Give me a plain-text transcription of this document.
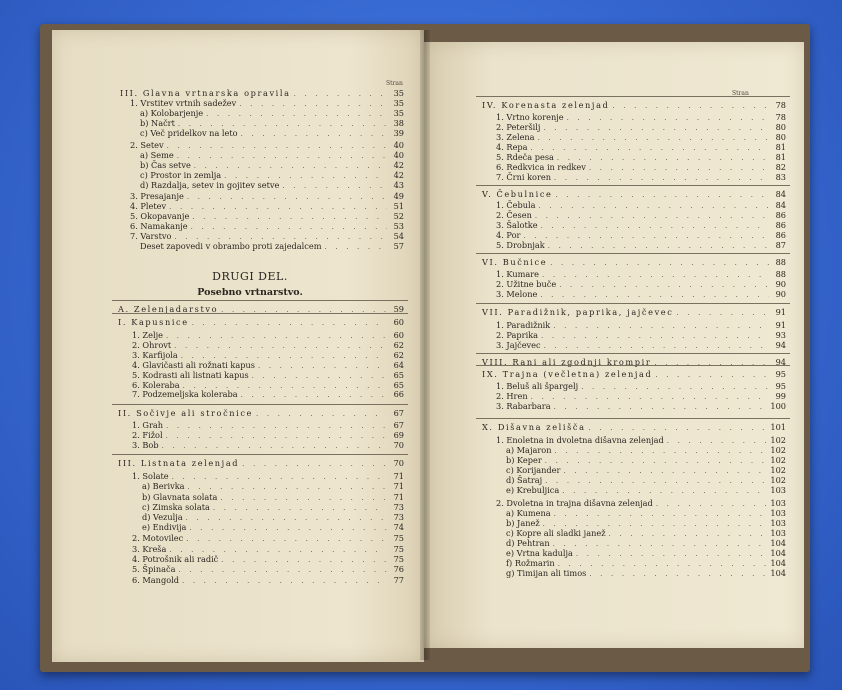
Stran
DRUGI DEL.
Posebno vrtnarstvo.
III. Glavna vrtnarska opravila . . .	35
1. Vrstitev vrtnih sadežev . . .	35
a) Kolobarjenje . . .	35
b) Načrt . . .	38
c) Več pridelkov na leto . . .	39
2. Setev . . .	40
a) Seme . . .	40
b) Čas setve . . .	42
c) Prostor in zemlja . . .	42
d) Razdalja, setev in gojitev setve . . .	43
3. Presajanje . . .	49
4. Pletev . . .	51
5. Okopavanje . . .	52
6. Namakanje . . .	53
7. Varstvo . . .	54
Deset zapovedi v obrambo proti zajedalcem . . .	57
A. Zelenjadarstvo . . .	59
I. Kapusnice . . .	60
1. Zelje . . .	60
2. Ohrovt . . .	62
3. Karfijola . . .	62
4. Glavičasti ali rožnati kapus . . .	64
5. Kodrasti ali listnati kapus . . .	65
6. Koleraba . . .	65
7. Podzemeljska koleraba . . .	66
II. Sočivje ali stročnice . . .	67
1. Grah . . .	67
2. Fižol . . .	69
3. Bob . . .	70
III. Listnata zelenjad . . .	70
1. Solate . . .	71
a) Berivka . . .	71
b) Glavnata solata . . .	71
c) Zimska solata . . .	73
d) Vezulja . . .	73
e) Endivija . . .	74
2. Motovilec . . .	75
3. Kreša . . .	75
4. Potrošnik ali radič . . .	75
5. Špinača . . .	76
6. Mangold . . .	77
Stran
IV. Korenasta zelenjad . . .	78
1. Vrtno korenje . . .	78
2. Peteršilj . . .	80
3. Zelena . . .	80
4. Repa . . .	81
5. Rdeča pesa . . .	81
6. Redkvica in redkev . . .	82
7. Črni koren . . .	83
V. Čebulnice . . .	84
1. Čebula . . .	84
2. Česen . . .	86
3. Šalotke . . .	86
4. Por . . .	86
5. Drobnjak . . .	87
VI. Bučnice . . .	88
1. Kumare . . .	88
2. Užitne buče . . .	90
3. Melone . . .	90
VII. Paradižnik, paprika, jajčevec . . .	91
1. Paradižnik . . .	91
2. Paprika . . .	93
3. Jajčevec . . .	94
VIII. Rani ali zgodnji krompir . . .	94
IX. Trajna (večletna) zelenjad . . .	95
1. Beluš ali špargelj . . .	95
2. Hren . . .	99
3. Rabarbara . . .	100
X. Dišavna zelišča . . .	101
1. Enoletna in dvoletna dišavna zelenjad . . .	102
a) Majaron . . .	102
b) Keper . . .	102
c) Korijander . . .	102
d) Šatraj . . .	102
e) Krebuljica . . .	103
2. Dvoletna in trajna dišavna zelenjad . . .	103
a) Kumena . . .	103
b) Janež . . .	103
c) Kopre ali sladki janež . . .	103
d) Pehtran . . .	104
e) Vrtna kadulja . . .	104
f) Rožmarin . . .	104
g) Timijan ali timos . . .	104
